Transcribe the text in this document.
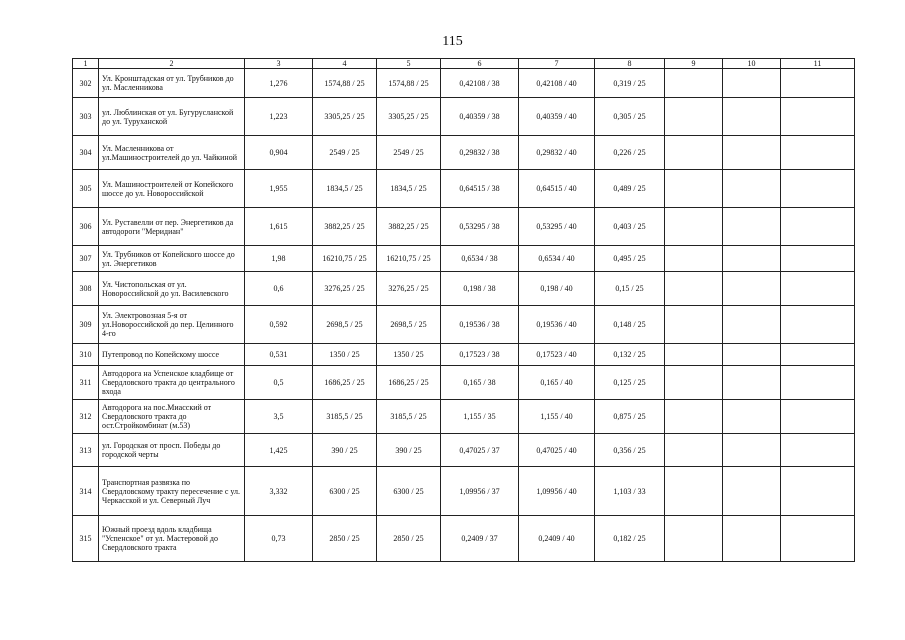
115
1	2	3	4	5	6	7	8	9	10	11
302	Ул. Кронштадская от ул. Трубников до ул. Масленникова	1,276	1574,88 / 25	1574,88 / 25	0,42108 / 38	0,42108 / 40	0,319 / 25			
303	ул. Люблинская от ул. Бугурусланской до ул. Туруханской	1,223	3305,25 / 25	3305,25 / 25	0,40359 / 38	0,40359 / 40	0,305 / 25			
304	Ул. Масленникова от ул.Машиностроителей до ул. Чайкиной	0,904	2549 / 25	2549 / 25	0,29832 / 38	0,29832 / 40	0,226 / 25			
305	Ул. Машиностроителей от Копейского шоссе до ул. Новороссийской	1,955	1834,5 / 25	1834,5 / 25	0,64515 / 38	0,64515 / 40	0,489 / 25			
306	Ул. Руставелли от пер. Энергетиков да автодороги "Меридиан"	1,615	3882,25 / 25	3882,25 / 25	0,53295 / 38	0,53295 / 40	0,403 / 25			
307	Ул. Трубников от Копейского шоссе до ул. Энергетиков	1,98	16210,75 / 25	16210,75 / 25	0,6534 / 38	0,6534 / 40	0,495 / 25			
308	Ул. Чистопольская от ул. Новороссийской до ул. Василевского	0,6	3276,25 / 25	3276,25 / 25	0,198 / 38	0,198 / 40	0,15 / 25			
309	Ул. Электровозная 5-я от ул.Новороссийской до пер. Целинного 4-го	0,592	2698,5 / 25	2698,5 / 25	0,19536 / 38	0,19536 / 40	0,148 / 25			
310	Путепровод по Копейскому шоссе	0,531	1350 / 25	1350 / 25	0,17523 / 38	0,17523 / 40	0,132 / 25			
311	Автодорога на Успенское кладбище от Свердловского тракта до центрального входа	0,5	1686,25 / 25	1686,25 / 25	0,165 / 38	0,165 / 40	0,125 / 25			
312	Автодорога на пос.Миасский от Свердловского тракта до ост.Стройкомбинат (м.53)	3,5	3185,5 / 25	3185,5 / 25	1,155 / 35	1,155 / 40	0,875 / 25			
313	ул. Городская от просп. Победы до городской черты	1,425	390 / 25	390 / 25	0,47025 / 37	0,47025 / 40	0,356 / 25			
314	Транспортная развязка по Свердловскому тракту пересечение с ул. Черкасской и ул. Северный Луч	3,332	6300 / 25	6300 / 25	1,09956 / 37	1,09956 / 40	1,103 / 33			
315	Южный проезд вдоль кладбища "Успенское" от ул. Мастеровой до Свердловского тракта	0,73	2850 / 25	2850 / 25	0,2409 / 37	0,2409 / 40	0,182 / 25			
